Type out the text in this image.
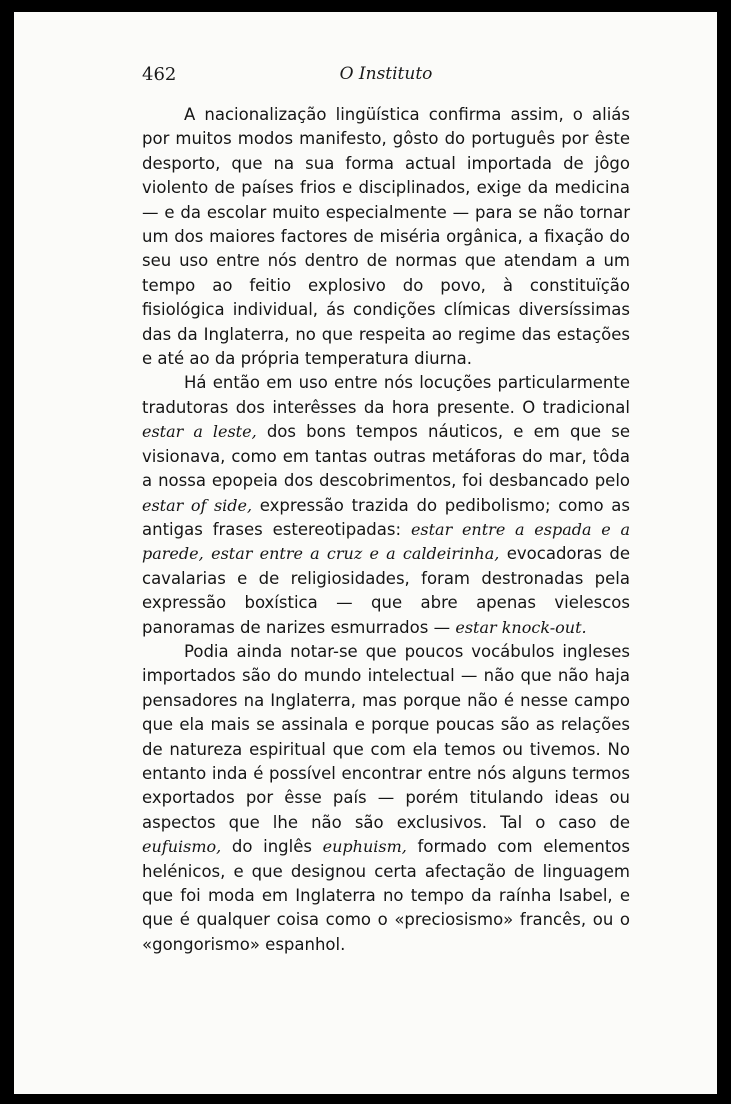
462	O Instituto

A nacionalização lingüística confirma assim, o aliás por muitos modos manifesto, gôsto do português por êste desporto, que na sua forma actual importada de jôgo violento de países frios e disciplinados, exige da medicina — e da escolar muito especialmente — para se não tornar um dos maiores factores de miséria orgânica, a fixação do seu uso entre nós dentro de normas que atendam a um tempo ao feitio explosivo do povo, à constituïção fisiológica individual, ás condições clímicas diversíssimas das da Inglaterra, no que respeita ao regime das estações e até ao da própria temperatura diurna.

Há então em uso entre nós locuções particularmente tradutoras dos interêsses da hora presente. O tradicional estar a leste, dos bons tempos náuticos, e em que se visionava, como em tantas outras metáforas do mar, tôda a nossa epopeia dos descobrimentos, foi desbancado pelo estar of side, expressão trazida do pedibolismo; como as antigas frases estereotipadas: estar entre a espada e a parede, estar entre a cruz e a caldeirinha, evocadoras de cavalarias e de religiosidades, foram destronadas pela expressão boxística — que abre apenas vielescos panoramas de narizes esmurrados — estar knock-out.

Podia ainda notar-se que poucos vocábulos ingleses importados são do mundo intelectual — não que não haja pensadores na Inglaterra, mas porque não é nesse campo que ela mais se assinala e porque poucas são as relações de natureza espiritual que com ela temos ou tivemos. No entanto inda é possível encontrar entre nós alguns termos exportados por êsse país — porém titulando ideas ou aspectos que lhe não são exclusivos. Tal o caso de eufuismo, do inglês euphuism, formado com elementos helénicos, e que designou certa afectação de linguagem que foi moda em Inglaterra no tempo da raínha Isabel, e que é qualquer coisa como o «preciosismo» francês, ou o «gongorismo» espanhol.
